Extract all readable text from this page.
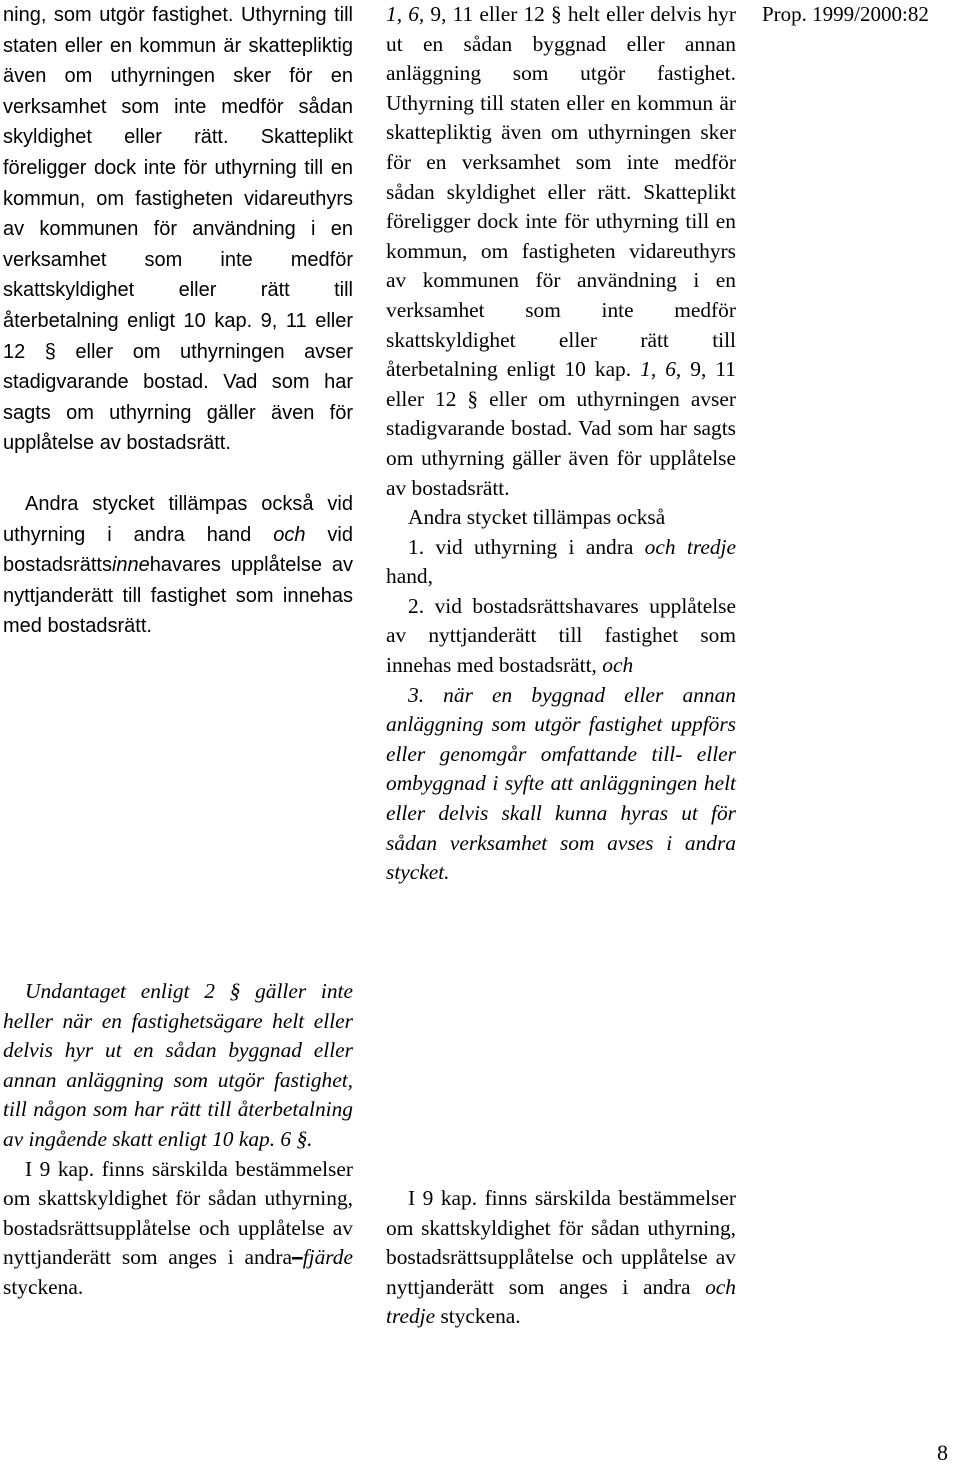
Prop. 1999/2000:82

ning, som utgör fastighet. Uthyrning till staten eller en kommun är skattepliktig även om uthyrningen sker för en verksamhet som inte medför sådan skyldighet eller rätt. Skatteplikt föreligger dock inte för uthyrning till en kommun, om fastigheten vidareuthyrs av kommunen för användning i en verksamhet som inte medför skattskyldighet eller rätt till återbetalning enligt 10 kap. 9, 11 eller 12 § eller om uthyrningen avser stadigvarande bostad. Vad som har sagts om uthyrning gäller även för upplåtelse av bostadsrätt.

Andra stycket tillämpas också vid uthyrning i andra hand och vid bostadsrättsinnehavares upplåtelse av nyttjanderätt till fastighet som innehas med bostadsrätt.

1, 6, 9, 11 eller 12 § helt eller delvis hyr ut en sådan byggnad eller annan anläggning som utgör fastighet. Uthyrning till staten eller en kommun är skattepliktig även om uthyrningen sker för en verksamhet som inte medför sådan skyldighet eller rätt. Skatteplikt föreligger dock inte för uthyrning till en kommun, om fastigheten vidareuthyrs av kommunen för användning i en verksamhet som inte medför skattskyldighet eller rätt till återbetalning enligt 10 kap. 1, 6, 9, 11 eller 12 § eller om uthyrningen avser stadigvarande bostad. Vad som har sagts om uthyrning gäller även för upplåtelse av bostadsrätt.

Andra stycket tillämpas också

1. vid uthyrning i andra och tredje hand,

2. vid bostadsrättshavares upplåtelse av nyttjanderätt till fastighet som innehas med bostadsrätt, och

3. när en byggnad eller annan anläggning som utgör fastighet uppförs eller genomgår omfattande till- eller ombyggnad i syfte att anläggningen helt eller delvis skall kunna hyras ut för sådan verksamhet som avses i andra stycket.

Undantaget enligt 2 § gäller inte heller när en fastighetsägare helt eller delvis hyr ut en sådan byggnad eller annan anläggning som utgör fastighet, till någon som har rätt till återbetalning av ingående skatt enligt 10 kap. 6 §.

I 9 kap. finns särskilda bestämmelser om skattskyldighet för sådan uthyrning, bostadsrättsupplåtelse och upplåtelse av nyttjanderätt som anges i andra–fjärde styckena.

I 9 kap. finns särskilda bestämmelser om skattskyldighet för sådan uthyrning, bostadsrättsupplåtelse och upplåtelse av nyttjanderätt som anges i andra och tredje styckena.

8
